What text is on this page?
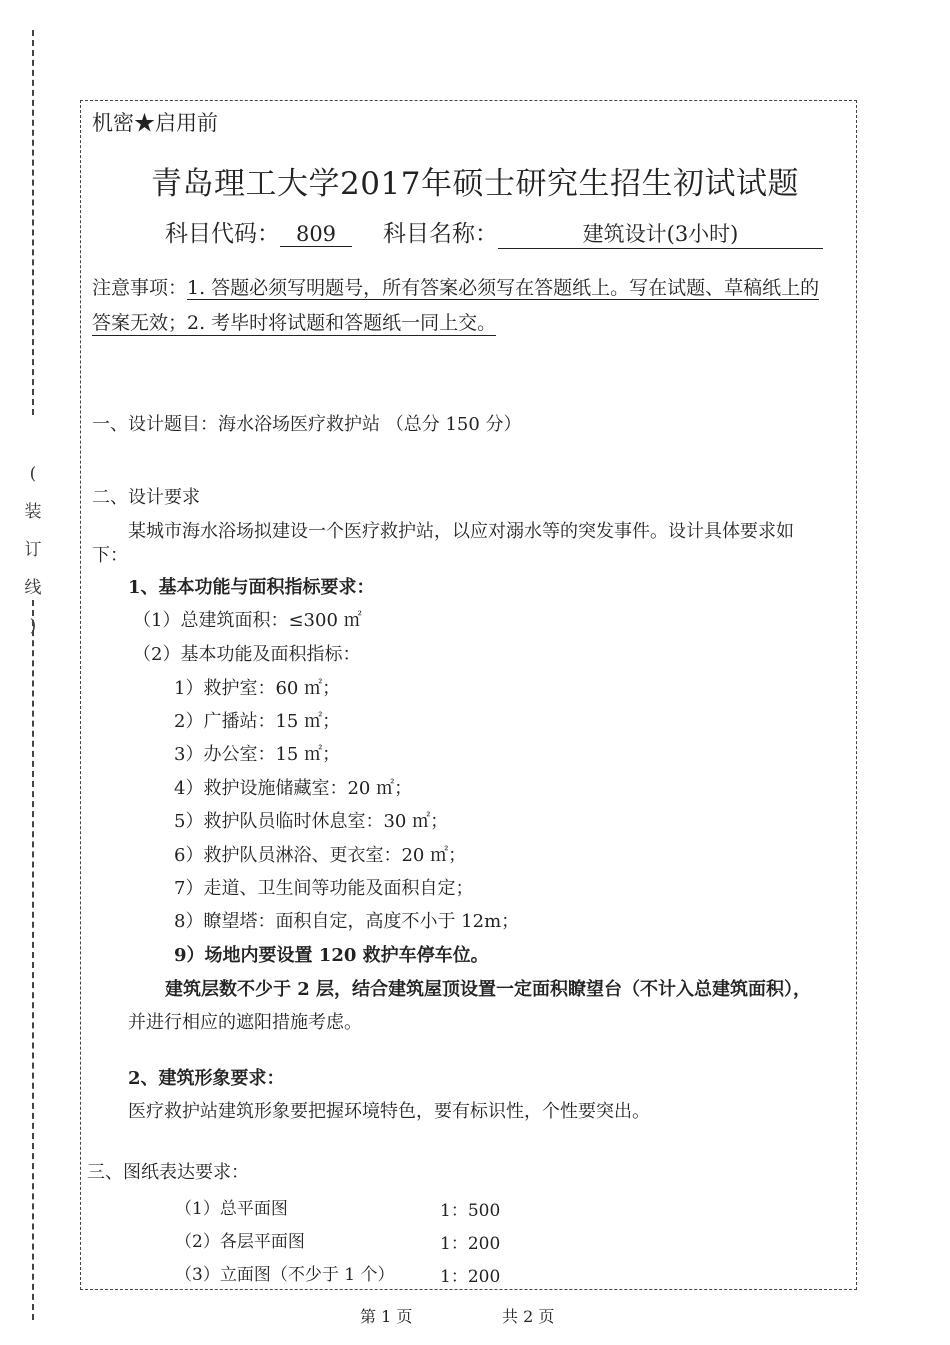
(
装
订
线
)
机密★启用前
青岛理工大学2017年硕士研究生招生初试试题
科目代码： 809	科目名称：	建筑设计(3小时)
注意事项：1. 答题必须写明题号，所有答案必须写在答题纸上。写在试题、草稿纸上的
答案无效；2. 考毕时将试题和答题纸一同上交。
一、设计题目：海水浴场医疗救护站 （总分 150 分）
二、设计要求
某城市海水浴场拟建设一个医疗救护站，以应对溺水等的突发事件。设计具体要求如
下：
1、基本功能与面积指标要求：
（1）总建筑面积：≤300 ㎡
（2）基本功能及面积指标：
1）救护室：60 ㎡；
2）广播站：15 ㎡；
3）办公室：15 ㎡；
4）救护设施储藏室：20 ㎡；
5）救护队员临时休息室：30 ㎡；
6）救护队员淋浴、更衣室：20 ㎡；
7）走道、卫生间等功能及面积自定；
8）瞭望塔：面积自定，高度不小于 12m；
9）场地内要设置 120 救护车停车位。
建筑层数不少于 2 层，结合建筑屋顶设置一定面积瞭望台（不计入总建筑面积），
并进行相应的遮阳措施考虑。
2、建筑形象要求：
医疗救护站建筑形象要把握环境特色，要有标识性，个性要突出。
三、图纸表达要求：
（1）总平面图	1：500
（2）各层平面图	1：200
（3）立面图（不少于 1 个）	1：200
第 1 页	共 2 页
